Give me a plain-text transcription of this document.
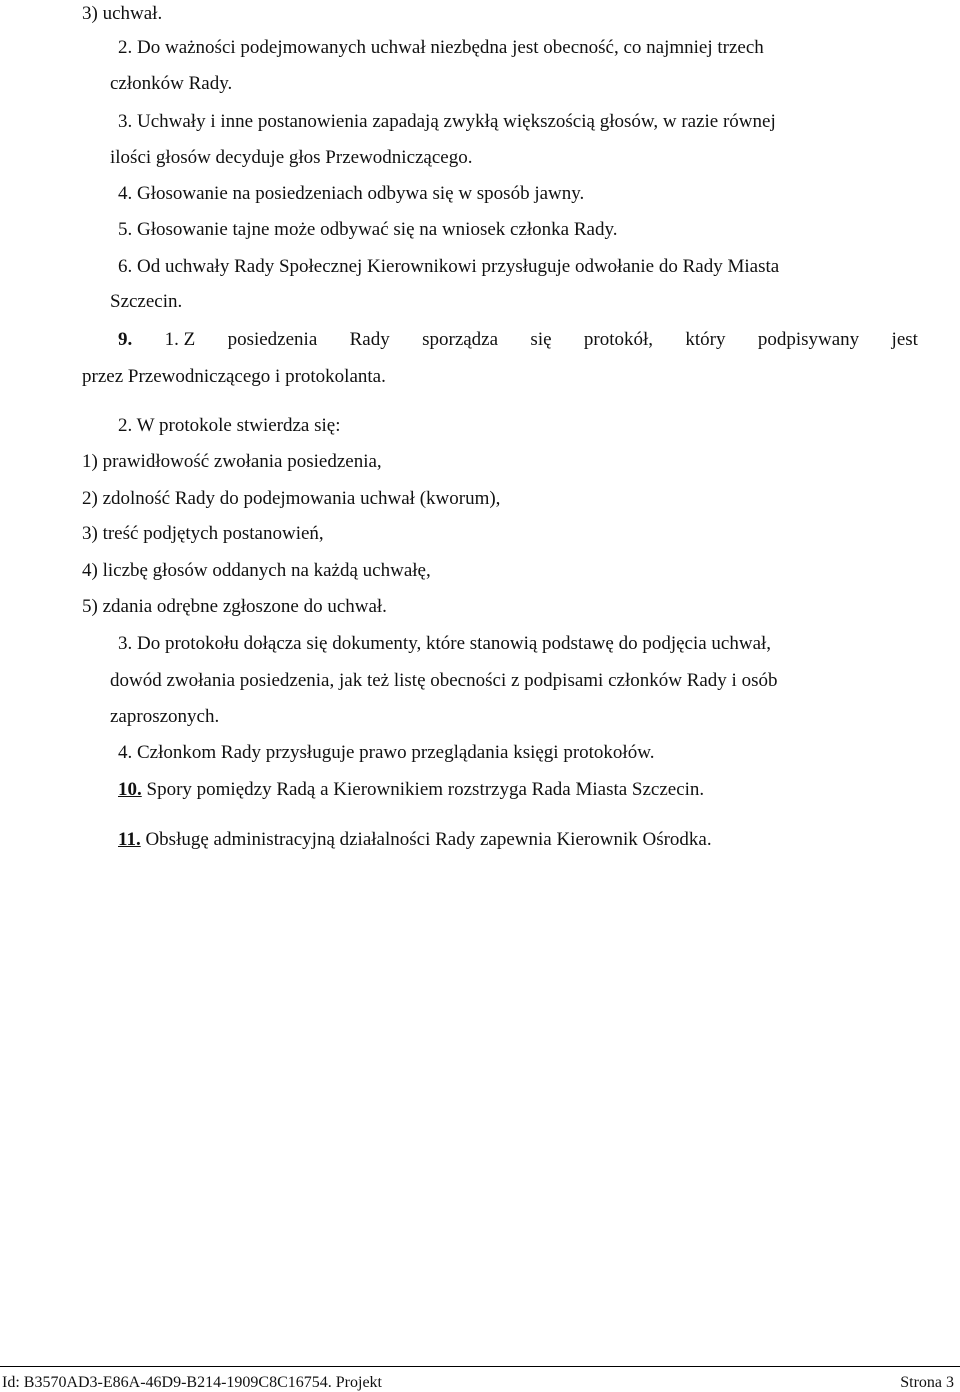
3) uchwał.
2. Do ważności podejmowanych uchwał niezbędna jest obecność, co najmniej trzech
członków Rady.
3. Uchwały i inne postanowienia zapadają zwykłą większością głosów, w razie równej
ilości głosów decyduje głos Przewodniczącego.
4. Głosowanie na posiedzeniach odbywa się w sposób jawny.
5. Głosowanie tajne może odbywać się na wniosek członka Rady.
6. Od uchwały Rady Społecznej Kierownikowi przysługuje odwołanie do Rady Miasta
Szczecin.
9. 1. Z posiedzenia Rady sporządza się protokół, który podpisywany jest
przez Przewodniczącego i protokolanta.
2. W protokole stwierdza się:
1) prawidłowość zwołania posiedzenia,
2) zdolność Rady do podejmowania uchwał (kworum),
3) treść podjętych postanowień,
4) liczbę głosów oddanych na każdą uchwałę,
5) zdania odrębne zgłoszone do uchwał.
3. Do protokołu dołącza się dokumenty, które stanowią podstawę do podjęcia uchwał,
dowód zwołania posiedzenia, jak też listę obecności z podpisami członków Rady i osób
zaproszonych.
4. Członkom Rady przysługuje prawo przeglądania księgi protokołów.
10. Spory pomiędzy Radą a Kierownikiem rozstrzyga Rada Miasta Szczecin.
11. Obsługę administracyjną działalności Rady zapewnia Kierownik Ośrodka.
Id: B3570AD3-E86A-46D9-B214-1909C8C16754. Projekt	Strona 3
